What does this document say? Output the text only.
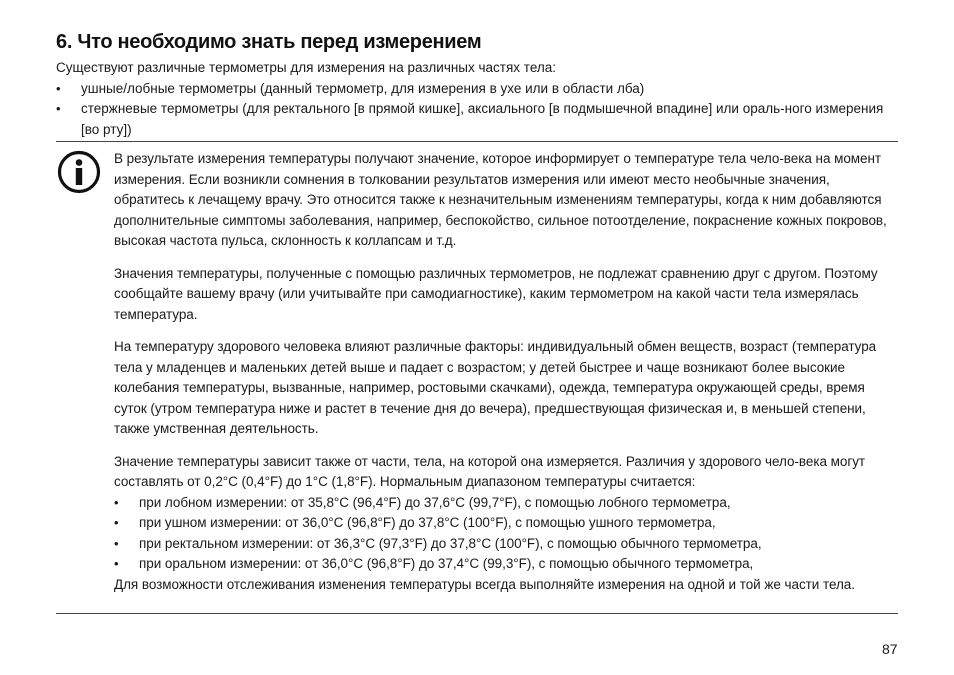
6. Что необходимо знать перед измерением
Существуют различные термометры для измерения на различных частях тела:
• ушные/лобные термометры (данный термометр, для измерения в ухе или в области лба)
• стержневые термометры (для ректального [в прямой кишке], аксиального [в подмышечной впадине] или ораль-ного измерения [во рту])

В результате измерения температуры получают значение, которое информирует о температуре тела чело-века на момент измерения. Если возникли сомнения в толковании результатов измерения или имеют место необычные значения, обратитесь к лечащему врачу. Это относится также к незначительным изменениям температуры, когда к ним добавляются дополнительные симптомы заболевания, например, беспокойство, сильное потоотделение, покраснение кожных покровов, высокая частота пульса, склонность к коллапсам и т.д.

Значения температуры, полученные с помощью различных термометров, не подлежат сравнению друг с другом. Поэтому сообщайте вашему врачу (или учитывайте при самодиагностике), каким термометром на какой части тела измерялась температура.

На температуру здорового человека влияют различные факторы: индивидуальный обмен веществ, возраст (температура тела у младенцев и маленьких детей выше и падает с возрастом; у детей быстрее и чаще возникают более высокие колебания температуры, вызванные, например, ростовыми скачками), одежда, температура окружающей среды, время суток (утром температура ниже и растет в течение дня до вечера), предшествующая физическая и, в меньшей степени, также умственная деятельность.

Значение температуры зависит также от части, тела, на которой она измеряется. Различия у здорового чело-века могут составлять от 0,2°C (0,4°F) до 1°C (1,8°F). Нормальным диапазоном температуры считается:

• при лобном измерении: от 35,8°C (96,4°F) до 37,6°C (99,7°F), с помощью лобного термометра,
• при ушном измерении: от 36,0°C (96,8°F) до 37,8°C (100°F), с помощью ушного термометра,
• при ректальном измерении: от 36,3°C (97,3°F) до 37,8°C (100°F), с помощью обычного термометра,
• при оральном измерении: от 36,0°C (96,8°F) до 37,4°C (99,3°F), с помощью обычного термометра,
Для возможности отслеживания изменения температуры всегда выполняйте измерения на одной и той же части тела.
87
